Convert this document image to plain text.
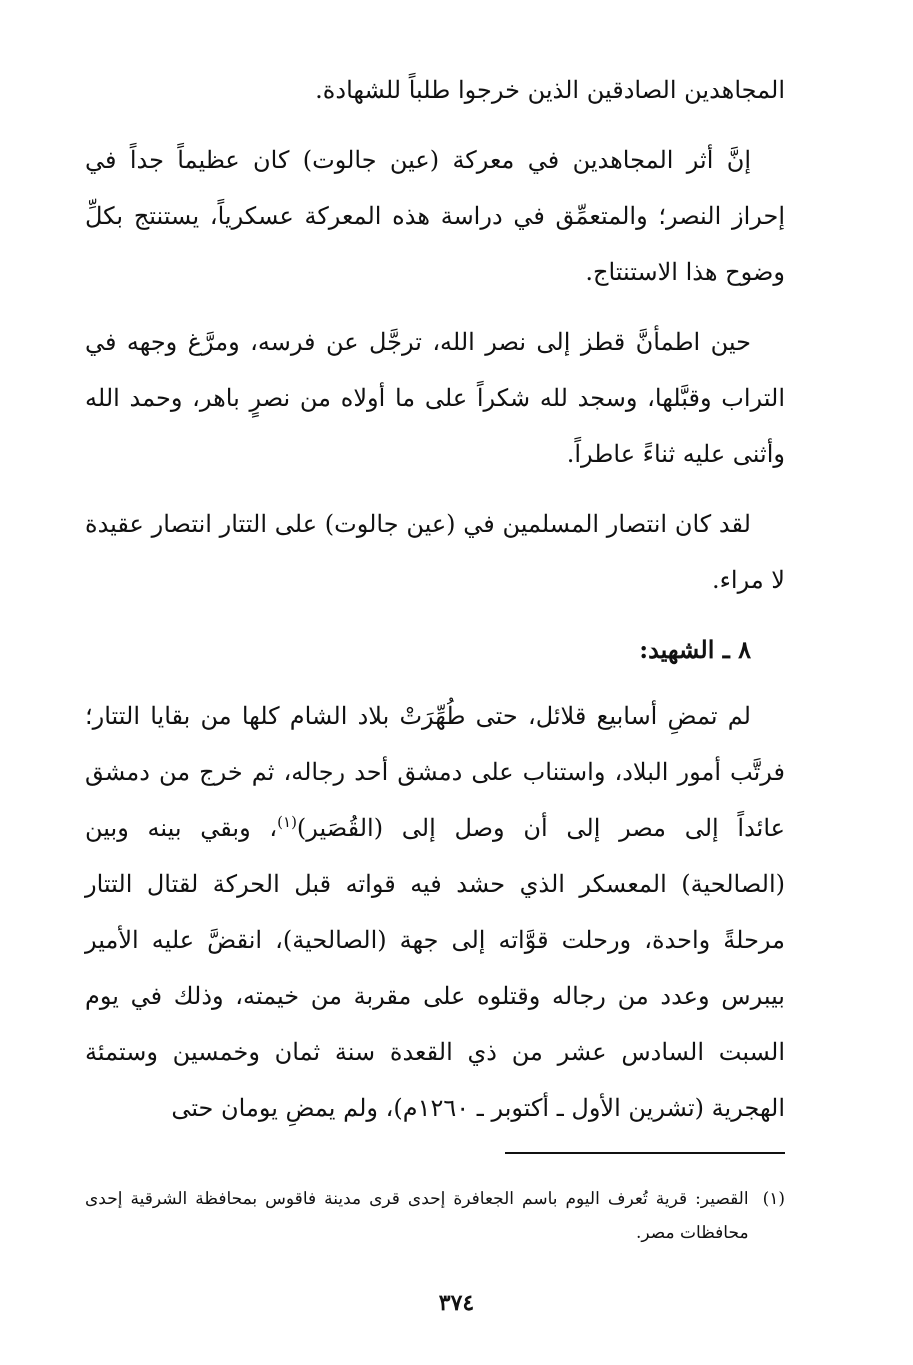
المجاهدين الصادقين الذين خرجوا طلباً للشهادة.

إنَّ أثر المجاهدين في معركة (عين جالوت) كان عظيماً جداً في إحراز النصر؛ والمتعمِّق في دراسة هذه المعركة عسكرياً، يستنتج بكلِّ وضوح هذا الاستنتاج.

حين اطمأنَّ قطز إلى نصر الله، ترجَّل عن فرسه، ومرَّغ وجهه في التراب وقبَّلها، وسجد لله شكراً على ما أولاه من نصرٍ باهر، وحمد الله وأثنى عليه ثناءً عاطراً.

لقد كان انتصار المسلمين في (عين جالوت) على التتار انتصار عقيدة لا مراء.

٨ ـ الشهيد:

لم تمضِ أسابيع قلائل، حتى طُهِّرَتْ بلاد الشام كلها من بقايا التتار؛ فرتَّب أمور البلاد، واستناب على دمشق أحد رجاله، ثم خرج من دمشق عائداً إلى مصر إلى أن وصل إلى (القُصَير)$^{(١)}$، وبقي بينه وبين (الصالحية) المعسكر الذي حشد فيه قواته قبل الحركة لقتال التتار مرحلةً واحدة، ورحلت قوَّاته إلى جهة (الصالحية)، انقضَّ عليه الأمير بيبرس وعدد من رجاله وقتلوه على مقربة من خيمته، وذلك في يوم السبت السادس عشر من ذي القعدة سنة ثمان وخمسين وستمئة الهجرية (تشرين الأول ـ أكتوبر ـ ١٢٦٠م)، ولم يمضِ يومان حتى

(١)
القصير: قرية تُعرف اليوم باسم الجعافرة إحدى قرى مدينة فاقوس بمحافظة الشرقية إحدى محافظات مصر.
٣٧٤
